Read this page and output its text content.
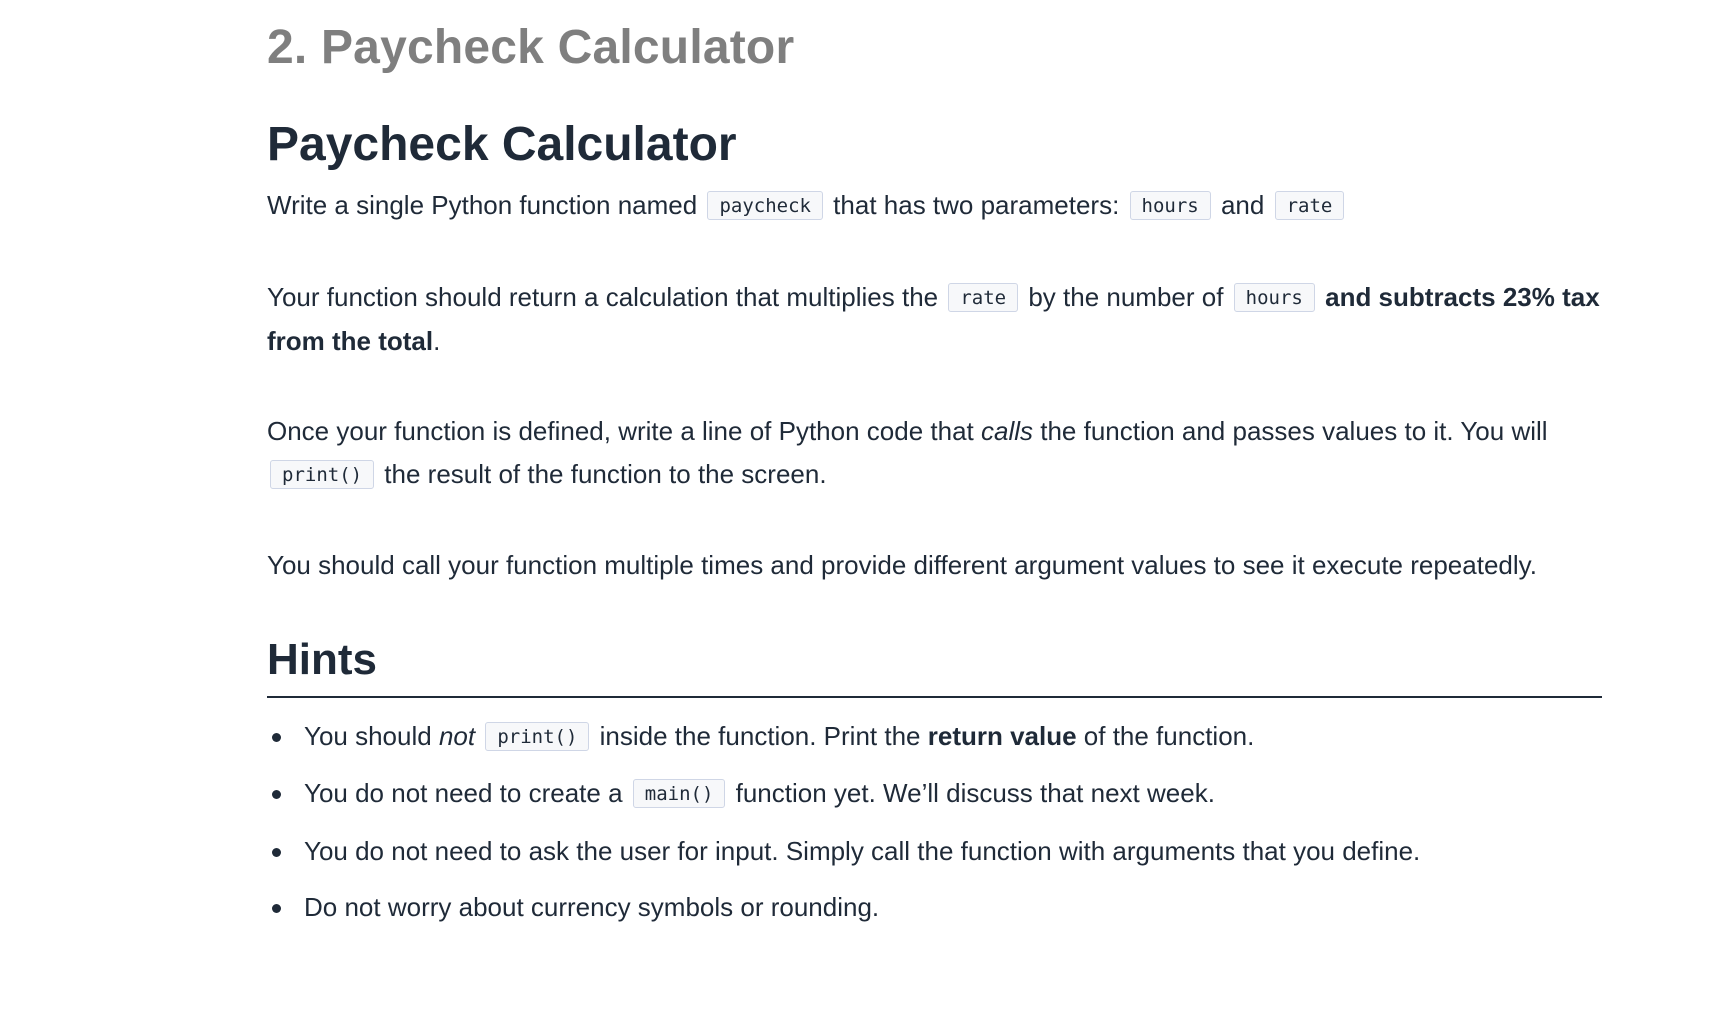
2. Paycheck Calculator
Paycheck Calculator

Write a single Python function named paycheck that has two parameters: hours and rate

Your function should return a calculation that multiplies the rate by the number of hours and subtracts 23% tax from the total.

Once your function is defined, write a line of Python code that calls the function and passes values to it. You will print() the result of the function to the screen.

You should call your function multiple times and provide different argument values to see it execute repeatedly.

Hints
You should not print() inside the function. Print the return value of the function.
You do not need to create a main() function yet. We’ll discuss that next week.
You do not need to ask the user for input. Simply call the function with arguments that you define.
Do not worry about currency symbols or rounding.
